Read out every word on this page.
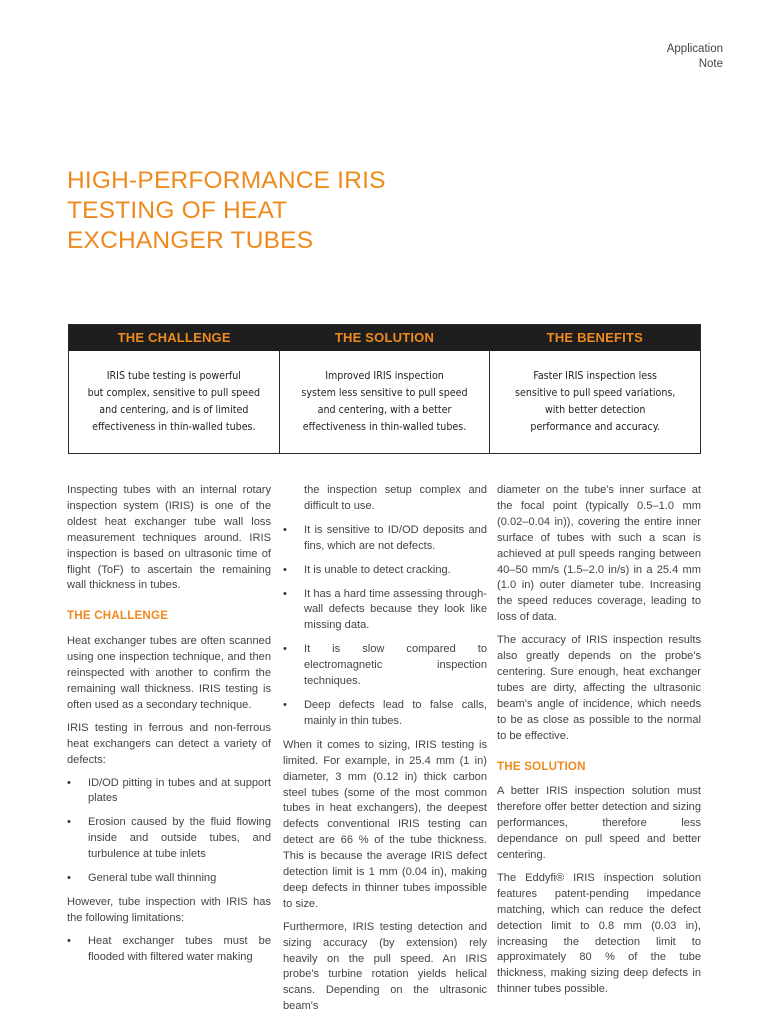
Application
Note
HIGH-PERFORMANCE IRIS
TESTING OF HEAT
EXCHANGER TUBES
THE CHALLENGE	THE SOLUTION	THE BENEFITS
IRIS tube testing is powerful
but complex, sensitive to pull speed
and centering, and is of limited
effectiveness in thin-walled tubes.
Improved IRIS inspection
system less sensitive to pull speed
and centering, with a better
effectiveness in thin-walled tubes.
Faster IRIS inspection less
sensitive to pull speed variations,
with better detection
performance and accuracy.

Inspecting tubes with an internal rotary inspection system (IRIS) is one of the oldest heat exchanger tube wall loss measurement techniques around. IRIS inspection is based on ultrasonic time of flight (ToF) to ascertain the remaining wall thickness in tubes.

THE CHALLENGE

Heat exchanger tubes are often scanned using one inspection technique, and then reinspected with another to confirm the remaining wall thickness. IRIS testing is often used as a secondary technique.

IRIS testing in ferrous and non-ferrous heat exchangers can detect a variety of defects:

• ID/OD pitting in tubes and at support plates
• Erosion caused by the fluid flowing inside and outside tubes, and turbulence at tube inlets
• General tube wall thinning

However, tube inspection with IRIS has the following limitations:

• Heat exchanger tubes must be flooded with filtered water making
the inspection setup complex and difficult to use.
• It is sensitive to ID/OD deposits and fins, which are not defects.
• It is unable to detect cracking.
• It has a hard time assessing through-wall defects because they look like missing data.
• It is slow compared to electromagnetic inspection techniques.
• Deep defects lead to false calls, mainly in thin tubes.

When it comes to sizing, IRIS testing is limited. For example, in 25.4 mm (1 in) diameter, 3 mm (0.12 in) thick carbon steel tubes (some of the most common tubes in heat exchangers), the deepest defects conventional IRIS testing can detect are 66 % of the tube thickness. This is because the average IRIS defect detection limit is 1 mm (0.04 in), making deep defects in thinner tubes impossible to size.

Furthermore, IRIS testing detection and sizing accuracy (by extension) rely heavily on the pull speed. An IRIS probe's turbine rotation yields helical scans. Depending on the ultrasonic beam's

diameter on the tube's inner surface at the focal point (typically 0.5–1.0 mm (0.02–0.04 in)), covering the entire inner surface of tubes with such a scan is achieved at pull speeds ranging between 40–50 mm/s (1.5–2.0 in/s) in a 25.4 mm (1.0 in) outer diameter tube. Increasing the speed reduces coverage, leading to loss of data.

The accuracy of IRIS inspection results also greatly depends on the probe's centering. Sure enough, heat exchanger tubes are dirty, affecting the ultrasonic beam's angle of incidence, which needs to be as close as possible to the normal to be effective.

THE SOLUTION

A better IRIS inspection solution must therefore offer better detection and sizing performances, therefore less dependance on pull speed and better centering.

The Eddyfi® IRIS inspection solution features patent-pending impedance matching, which can reduce the defect detection limit to 0.8 mm (0.03 in), increasing the detection limit to approximately 80 % of the tube thickness, making sizing deep defects in thinner tubes possible.
